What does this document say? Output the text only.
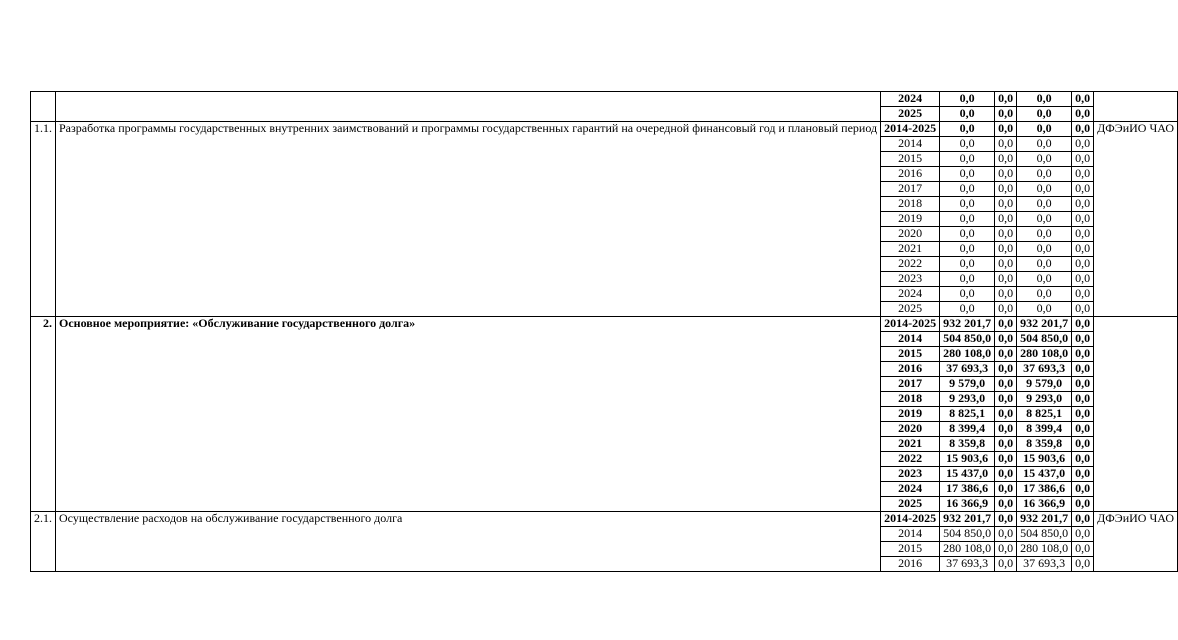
		2024	0,0	0,0	0,0	0,0	
		2025	0,0	0,0	0,0	0,0	
1.1.	Разработка программы государственных внутренних заимствований и программы государственных гарантий на очередной финансовый год и плановый период	2014-2025	0,0	0,0	0,0	0,0	ДФЭиИО ЧАО
		2014	0,0	0,0	0,0	0,0	
		2015	0,0	0,0	0,0	0,0	
		2016	0,0	0,0	0,0	0,0	
		2017	0,0	0,0	0,0	0,0	
		2018	0,0	0,0	0,0	0,0	
		2019	0,0	0,0	0,0	0,0	
		2020	0,0	0,0	0,0	0,0	
		2021	0,0	0,0	0,0	0,0	
		2022	0,0	0,0	0,0	0,0	
		2023	0,0	0,0	0,0	0,0	
		2024	0,0	0,0	0,0	0,0	
		2025	0,0	0,0	0,0	0,0	
2.	Основное мероприятие: «Обслуживание государственного долга»	2014-2025	932 201,7	0,0	932 201,7	0,0	
		2014	504 850,0	0,0	504 850,0	0,0	
		2015	280 108,0	0,0	280 108,0	0,0	
		2016	37 693,3	0,0	37 693,3	0,0	
		2017	9 579,0	0,0	9 579,0	0,0	
		2018	9 293,0	0,0	9 293,0	0,0	
		2019	8 825,1	0,0	8 825,1	0,0	
		2020	8 399,4	0,0	8 399,4	0,0	
		2021	8 359,8	0,0	8 359,8	0,0	
		2022	15 903,6	0,0	15 903,6	0,0	
		2023	15 437,0	0,0	15 437,0	0,0	
		2024	17 386,6	0,0	17 386,6	0,0	
		2025	16 366,9	0,0	16 366,9	0,0	
2.1.	Осуществление расходов на обслуживание государственного долга	2014-2025	932 201,7	0,0	932 201,7	0,0	ДФЭиИО ЧАО
		2014	504 850,0	0,0	504 850,0	0,0	
		2015	280 108,0	0,0	280 108,0	0,0	
		2016	37 693,3	0,0	37 693,3	0,0	
